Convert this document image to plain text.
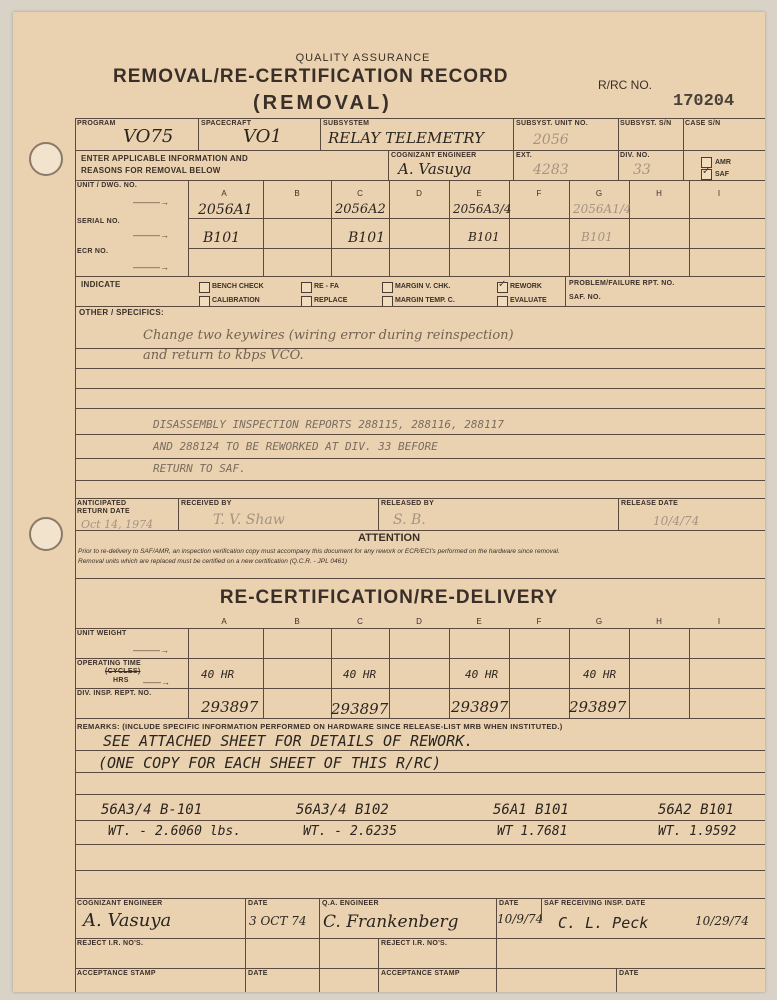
QUALITY ASSURANCE
REMOVAL/RE-CERTIFICATION RECORD
(REMOVAL)
R/RC NO.
170204
PROGRAM
VO75
SPACECRAFT
VO1
SUBSYSTEM
RELAY TELEMETRY
SUBSYST. UNIT NO.
2056
SUBSYST. S/N CASE S/N
ENTER APPLICABLE INFORMATION AND
REASONS FOR REMOVAL BELOW
COGNIZANT ENGINEER
A. Vasuya
EXT.
4283
DIV. NO.
33	AMR
✓
SAF
UNIT / DWG. NO.
———→
SERIAL NO.
———→
ECR NO.
———→
A	B	C	D	E	F	G	H	I
2056A1	2056A2	2056A3/4	2056A1/4
B101	B101	B101	B101
INDICATE	BENCH CHECK	RE - FA	MARGIN V. CHK.
✓	REWORK
CALIBRATION	REPLACE	MARGIN TEMP. C.	EVALUATE
PROBLEM/FAILURE RPT. NO.
SAF. NO.
OTHER / SPECIFICS:
Change two keywires (wiring error during reinspection)
and return to kbps VCO.
DISASSEMBLY INSPECTION REPORTS 288115, 288116, 288117
AND 288124 TO BE REWORKED AT DIV. 33 BEFORE
RETURN TO SAF.
ANTICIPATED
RETURN DATE
Oct 14, 1974
RECEIVED BY
T. V. Shaw
RELEASED BY
S. B.
RELEASE DATE
10/4/74
ATTENTION
Prior to re-delivery to SAF/AMR, an inspection verification copy must accompany this document for any rework or ECR/ECI's performed on the hardware since removal.
Removal units which are replaced must be certified on a new certification (Q.C.R. - JPL 0461)
RE-CERTIFICATION/RE-DELIVERY
A	B	C	D	E	F	G	H	I
UNIT WEIGHT
———→
OPERATING TIME
(CYCLES)
HRS ——→
DIV. INSP. REPT. NO.
40 HR	40 HR	40 HR	40 HR
293897	293897	293897	293897
REMARKS: (INCLUDE SPECIFIC INFORMATION PERFORMED ON HARDWARE SINCE RELEASE-LIST MRB WHEN INSTITUTED.)
SEE ATTACHED SHEET FOR DETAILS OF REWORK.
(ONE COPY FOR EACH SHEET OF THIS R/RC)
56A3/4 B-101
WT. - 2.6060 lbs.
56A3/4 B102
WT. - 2.6235
56A1 B101
WT 1.7681
56A2 B101
WT. 1.9592
COGNIZANT ENGINEER
A. Vasuya
DATE
3 OCT 74
Q.A. ENGINEER
C. Frankenberg
DATE
10/9/74
SAF RECEIVING INSP. DATE
C. L. Peck	10/29/74
REJECT I.R. NO'S.	REJECT I.R. NO'S.
ACCEPTANCE STAMP	DATE	ACCEPTANCE STAMP	DATE
